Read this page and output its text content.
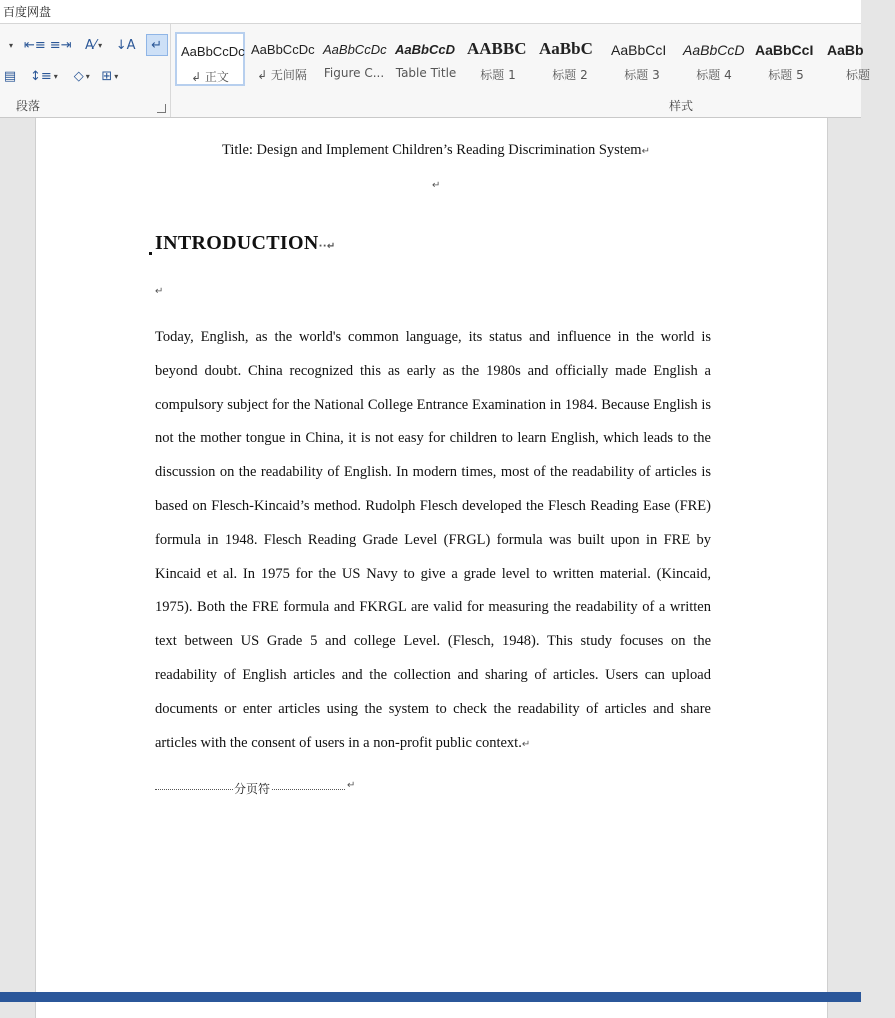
百度网盘
▾ ⇤≡ ≡⇥ A⁄ ▾ ↓A	↵
▤ ↕≡ ▾ ◇ ▾ ⊞ ▾
段落
AaBbCcDc
↲ 正文
AaBbCcDc
↲ 无间隔
AaBbCcDc
Figure C...
AaBbCcD
Table Title
AABBC
标题 1
AaBbC
标题 2
AaBbCcI
标题 3
AaBbCcD
标题 4
AaBbCcI
标题 5
AaBb
标题
样式
Title: Design and Implement Children’s Reading Discrimination System↵
↵
INTRODUCTION··↵
↵
Today, English, as the world's common language, its status and influence in the world is beyond doubt. China recognized this as early as the 1980s and officially made English a compulsory subject for the National College Entrance Examination in 1984. Because English is not the mother tongue in China, it is not easy for children to learn English, which leads to the discussion on the readability of English. In modern times, most of the readability of articles is based on Flesch-Kincaid’s method. Rudolph Flesch developed the Flesch Reading Ease (FRE) formula in 1948. Flesch Reading Grade Level (FRGL) formula was built upon in FRE by Kincaid et al. In 1975 for the US Navy to give a grade level to written material. (Kincaid, 1975). Both the FRE formula and FKRGL are valid for measuring the readability of a written text between US Grade 5 and college Level. (Flesch, 1948). This study focuses on the readability of English articles and the collection and sharing of articles. Users can upload documents or enter articles using the system to check the readability of articles and share articles with the consent of users in a non-profit public context.↵
分页符	↵
